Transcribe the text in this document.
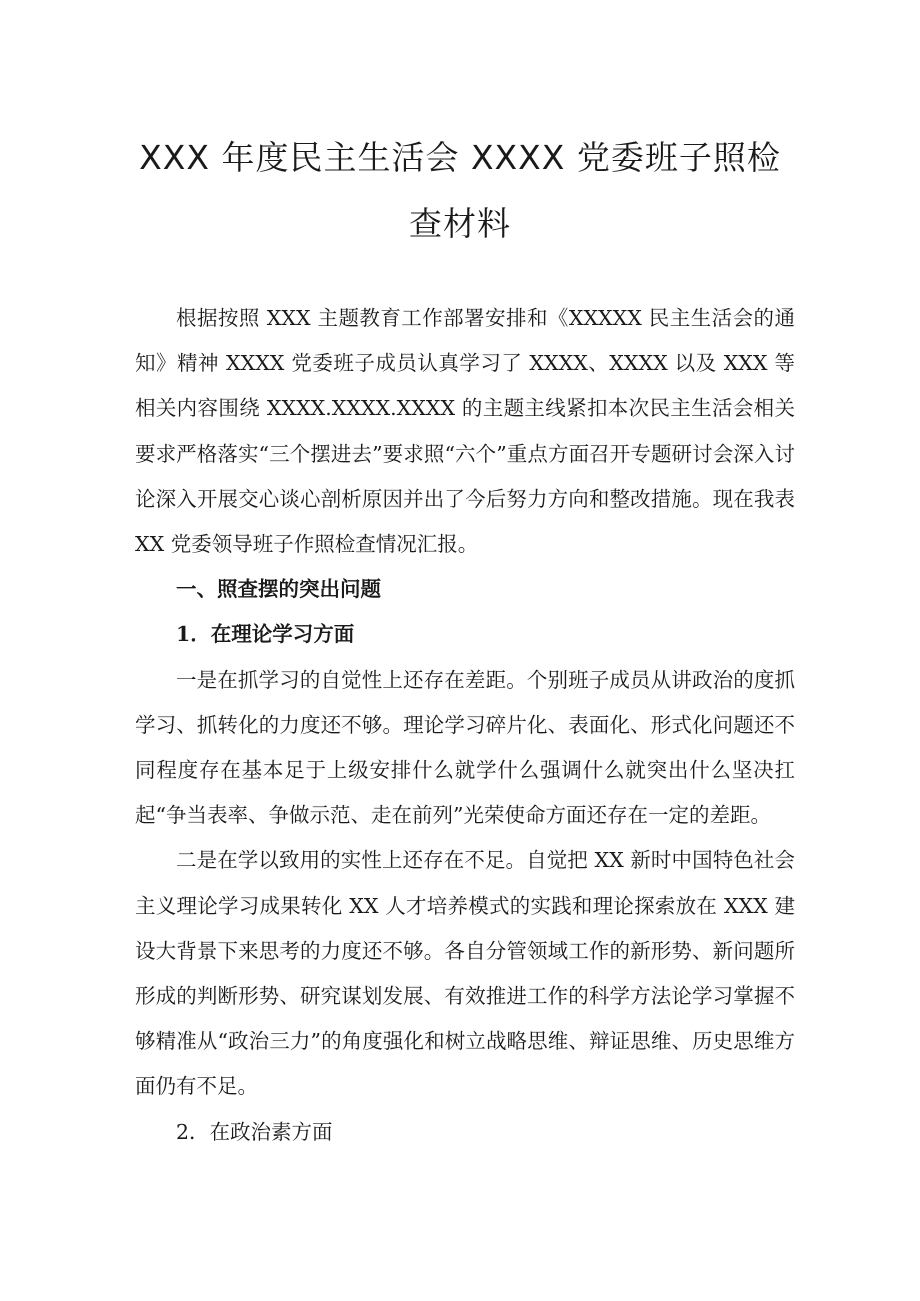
XXX 年度民主生活会 XXXX 党委班子照检
查材料

根据按照 XXX 主题教育工作部署安排和《XXXXX 民主生活会的通知》精神 XXXX 党委班子成员认真学习了 XXXX、XXXX 以及 XXX 等相关内容围绕 XXXX.XXXX.XXXX 的主题主线紧扣本次民主生活会相关要求严格落实“三个摆进去”要求照“六个”重点方面召开专题研讨会深入讨论深入开展交心谈心剖析原因并出了今后努力方向和整改措施。现在我表 XX 党委领导班子作照检查情况汇报。

一、照查摆的突出问题

1．在理论学习方面

一是在抓学习的自觉性上还存在差距。个别班子成员从讲政治的度抓学习、抓转化的力度还不够。理论学习碎片化、表面化、形式化问题还不同程度存在基本足于上级安排什么就学什么强调什么就突出什么坚决扛起“争当表率、争做示范、走在前列”光荣使命方面还存在一定的差距。

二是在学以致用的实性上还存在不足。自觉把 XX 新时中国特色社会主义理论学习成果转化 XX 人才培养模式的实践和理论探索放在 XXX 建设大背景下来思考的力度还不够。各自分管领域工作的新形势、新问题所形成的判断形势、研究谋划发展、有效推进工作的科学方法论学习掌握不够精准从“政治三力”的角度强化和树立战略思维、辩证思维、历史思维方面仍有不足。

2．在政治素方面
